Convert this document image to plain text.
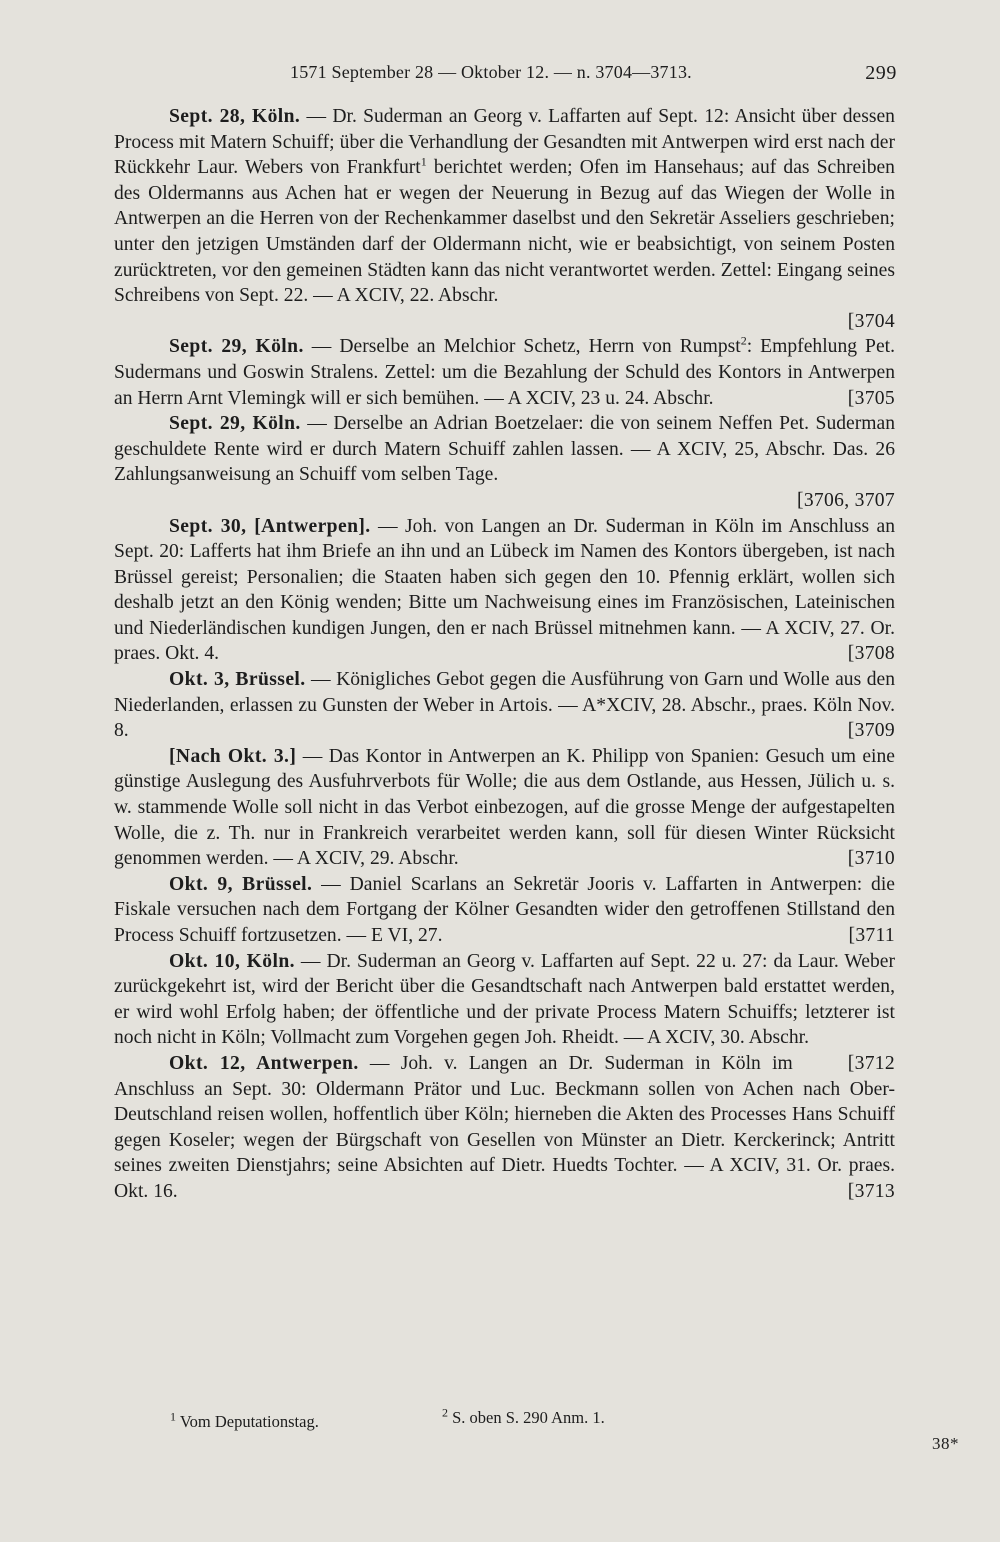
1571 September 28 — Oktober 12. — n. 3704—3713.	299

Sept. 28, Köln. — Dr. Suderman an Georg v. Laffarten auf Sept. 12: Ansicht über dessen Process mit Matern Schuiff; über die Verhandlung der Gesandten mit Antwerpen wird erst nach der Rückkehr Laur. Webers von Frankfurt$^1$ berichtet werden; Ofen im Hansehaus; auf das Schreiben des Oldermanns aus Achen hat er wegen der Neuerung in Bezug auf das Wiegen der Wolle in Antwerpen an die Herren von der Rechenkammer daselbst und den Sekretär Asseliers geschrieben; unter den jetzigen Umständen darf der Oldermann nicht, wie er beabsichtigt, von seinem Posten zurücktreten, vor den gemeinen Städten kann das nicht verantwortet werden. Zettel: Eingang seines Schreibens von Sept. 22. — A XCIV, 22. Abschr.

[3704

Sept. 29, Köln. — Derselbe an Melchior Schetz, Herrn von Rumpst$^2$: Empfehlung Pet. Sudermans und Goswin Stralens. Zettel: um die Bezahlung der Schuld des Kontors in Antwerpen an Herrn Arnt Vlemingk will er sich bemühen. — A XCIV, 23 u. 24. Abschr.	[3705

Sept. 29, Köln. — Derselbe an Adrian Boetzelaer: die von seinem Neffen Pet. Suderman geschuldete Rente wird er durch Matern Schuiff zahlen lassen. — A XCIV, 25, Abschr. Das. 26 Zahlungsanweisung an Schuiff vom selben Tage.

[3706, 3707

Sept. 30, [Antwerpen]. — Joh. von Langen an Dr. Suderman in Köln im Anschluss an Sept. 20: Lafferts hat ihm Briefe an ihn und an Lübeck im Namen des Kontors übergeben, ist nach Brüssel gereist; Personalien; die Staaten haben sich gegen den 10. Pfennig erklärt, wollen sich deshalb jetzt an den König wenden; Bitte um Nachweisung eines im Französischen, Lateinischen und Niederländischen kundigen Jungen, den er nach Brüssel mitnehmen kann. — A XCIV, 27. Or. praes. Okt. 4.	[3708

Okt. 3, Brüssel. — Königliches Gebot gegen die Ausführung von Garn und Wolle aus den Niederlanden, erlassen zu Gunsten der Weber in Artois. — A*XCIV, 28. Abschr., praes. Köln Nov. 8.	[3709

[Nach Okt. 3.] — Das Kontor in Antwerpen an K. Philipp von Spanien: Gesuch um eine günstige Auslegung des Ausfuhrverbots für Wolle; die aus dem Ostlande, aus Hessen, Jülich u. s. w. stammende Wolle soll nicht in das Verbot einbezogen, auf die grosse Menge der aufgestapelten Wolle, die z. Th. nur in Frankreich verarbeitet werden kann, soll für diesen Winter Rücksicht genommen werden. — A XCIV, 29. Abschr.	[3710

Okt. 9, Brüssel. — Daniel Scarlans an Sekretär Jooris v. Laffarten in Antwerpen: die Fiskale versuchen nach dem Fortgang der Kölner Gesandten wider den getroffenen Stillstand den Process Schuiff fortzusetzen. — E VI, 27.	[3711

Okt. 10, Köln. — Dr. Suderman an Georg v. Laffarten auf Sept. 22 u. 27: da Laur. Weber zurückgekehrt ist, wird der Bericht über die Gesandtschaft nach Antwerpen bald erstattet werden, er wird wohl Erfolg haben; der öffentliche und der private Process Matern Schuiffs; letzterer ist noch nicht in Köln; Vollmacht zum Vorgehen gegen Joh. Rheidt. — A XCIV, 30. Abschr.
[3712

Okt. 12, Antwerpen. — Joh. v. Langen an Dr. Suderman in Köln im Anschluss an Sept. 30: Oldermann Prätor und Luc. Beckmann sollen von Achen nach Ober-Deutschland reisen wollen, hoffentlich über Köln; hierneben die Akten des Processes Hans Schuiff gegen Koseler; wegen der Bürgschaft von Gesellen von Münster an Dietr. Kerckerinck; Antritt seines zweiten Dienstjahrs; seine Absichten auf Dietr. Huedts Tochter. — A XCIV, 31. Or. praes. Okt. 16.	[3713

$^1$ Vom Deputationstag.	$^2$ S. oben S. 290 Anm. 1.
38*
